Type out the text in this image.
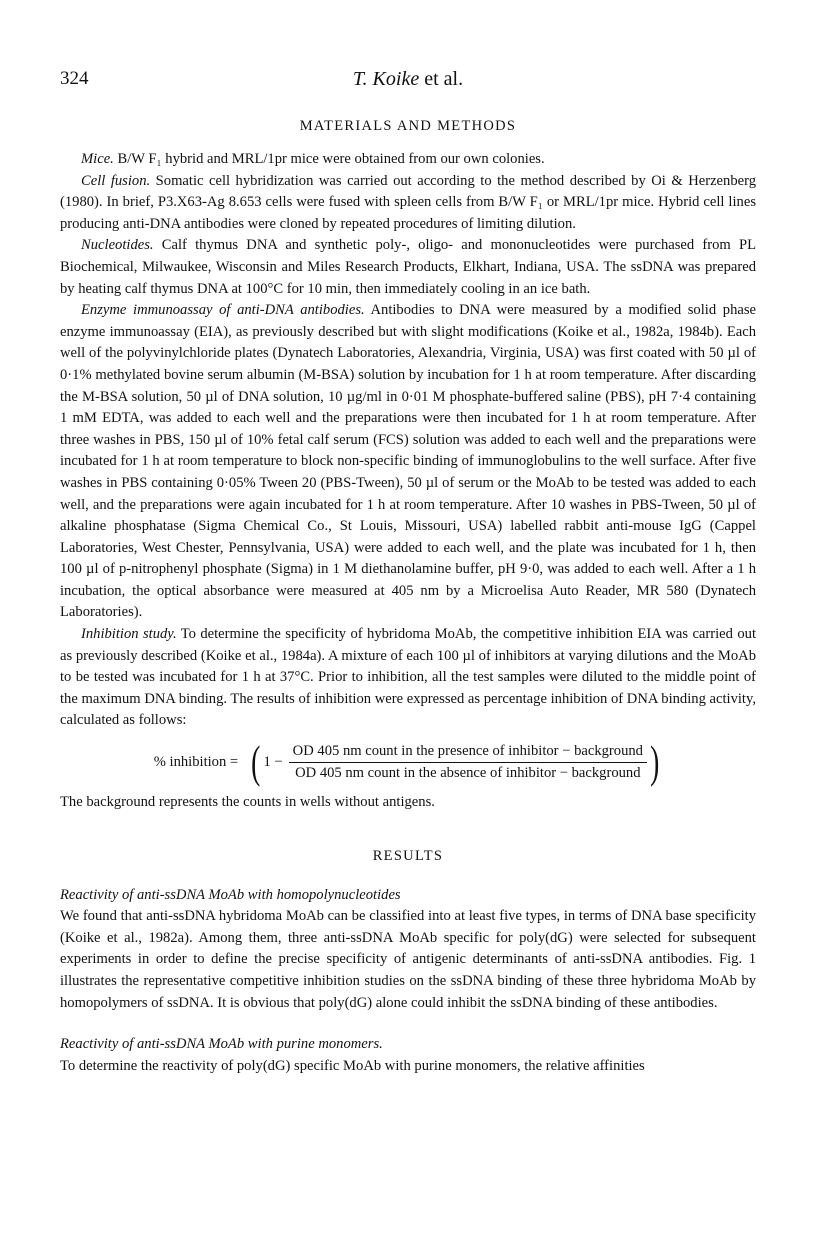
324	T. Koike et al.
MATERIALS AND METHODS

Mice. B/W F₁ hybrid and MRL/1pr mice were obtained from our own colonies.

Cell fusion. Somatic cell hybridization was carried out according to the method described by Oi & Herzenberg (1980). In brief, P3.X63-Ag 8.653 cells were fused with spleen cells from B/W F₁ or MRL/1pr mice. Hybrid cell lines producing anti-DNA antibodies were cloned by repeated procedures of limiting dilution.

Nucleotides. Calf thymus DNA and synthetic poly-, oligo- and mononucleotides were purchased from PL Biochemical, Milwaukee, Wisconsin and Miles Research Products, Elkhart, Indiana, USA. The ssDNA was prepared by heating calf thymus DNA at 100°C for 10 min, then immediately cooling in an ice bath.

Enzyme immunoassay of anti-DNA antibodies. Antibodies to DNA were measured by a modified solid phase enzyme immunoassay (EIA), as previously described but with slight modifications (Koike et al., 1982a, 1984b). Each well of the polyvinylchloride plates (Dynatech Laboratories, Alexandria, Virginia, USA) was first coated with 50 µl of 0·1% methylated bovine serum albumin (M-BSA) solution by incubation for 1 h at room temperature. After discarding the M-BSA solution, 50 µl of DNA solution, 10 µg/ml in 0·01 M phosphate-buffered saline (PBS), pH 7·4 containing 1 mM EDTA, was added to each well and the preparations were then incubated for 1 h at room temperature. After three washes in PBS, 150 µl of 10% fetal calf serum (FCS) solution was added to each well and the preparations were incubated for 1 h at room temperature to block non-specific binding of immunoglobulins to the well surface. After five washes in PBS containing 0·05% Tween 20 (PBS-Tween), 50 µl of serum or the MoAb to be tested was added to each well, and the preparations were again incubated for 1 h at room temperature. After 10 washes in PBS-Tween, 50 µl of alkaline phosphatase (Sigma Chemical Co., St Louis, Missouri, USA) labelled rabbit anti-mouse IgG (Cappel Laboratories, West Chester, Pennsylvania, USA) were added to each well, and the plate was incubated for 1 h, then 100 µl of p-nitrophenyl phosphate (Sigma) in 1 M diethanolamine buffer, pH 9·0, was added to each well. After a 1 h incubation, the optical absorbance were measured at 405 nm by a Microelisa Auto Reader, MR 580 (Dynatech Laboratories).

Inhibition study. To determine the specificity of hybridoma MoAb, the competitive inhibition EIA was carried out as previously described (Koike et al., 1984a). A mixture of each 100 µl of inhibitors at varying dilutions and the MoAb to be tested was incubated for 1 h at 37°C. Prior to inhibition, all the test samples were diluted to the middle point of the maximum DNA binding. The results of inhibition were expressed as percentage inhibition of DNA binding activity, calculated as follows:

% inhibition = ( $1 - \frac{\text{OD 405 nm count in the presence of inhibitor − background}}{\text{OD 405 nm count in the absence of inhibitor − background}}$ )

The background represents the counts in wells without antigens.

RESULTS
Reactivity of anti-ssDNA MoAb with homopolynucleotides

We found that anti-ssDNA hybridoma MoAb can be classified into at least five types, in terms of DNA base specificity (Koike et al., 1982a). Among them, three anti-ssDNA MoAb specific for poly(dG) were selected for subsequent experiments in order to define the precise specificity of antigenic determinants of anti-ssDNA antibodies. Fig. 1 illustrates the representative competitive inhibition studies on the ssDNA binding of these three hybridoma MoAb by homopolymers of ssDNA. It is obvious that poly(dG) alone could inhibit the ssDNA binding of these antibodies.

Reactivity of anti-ssDNA MoAb with purine monomers.

To determine the reactivity of poly(dG) specific MoAb with purine monomers, the relative affinities
